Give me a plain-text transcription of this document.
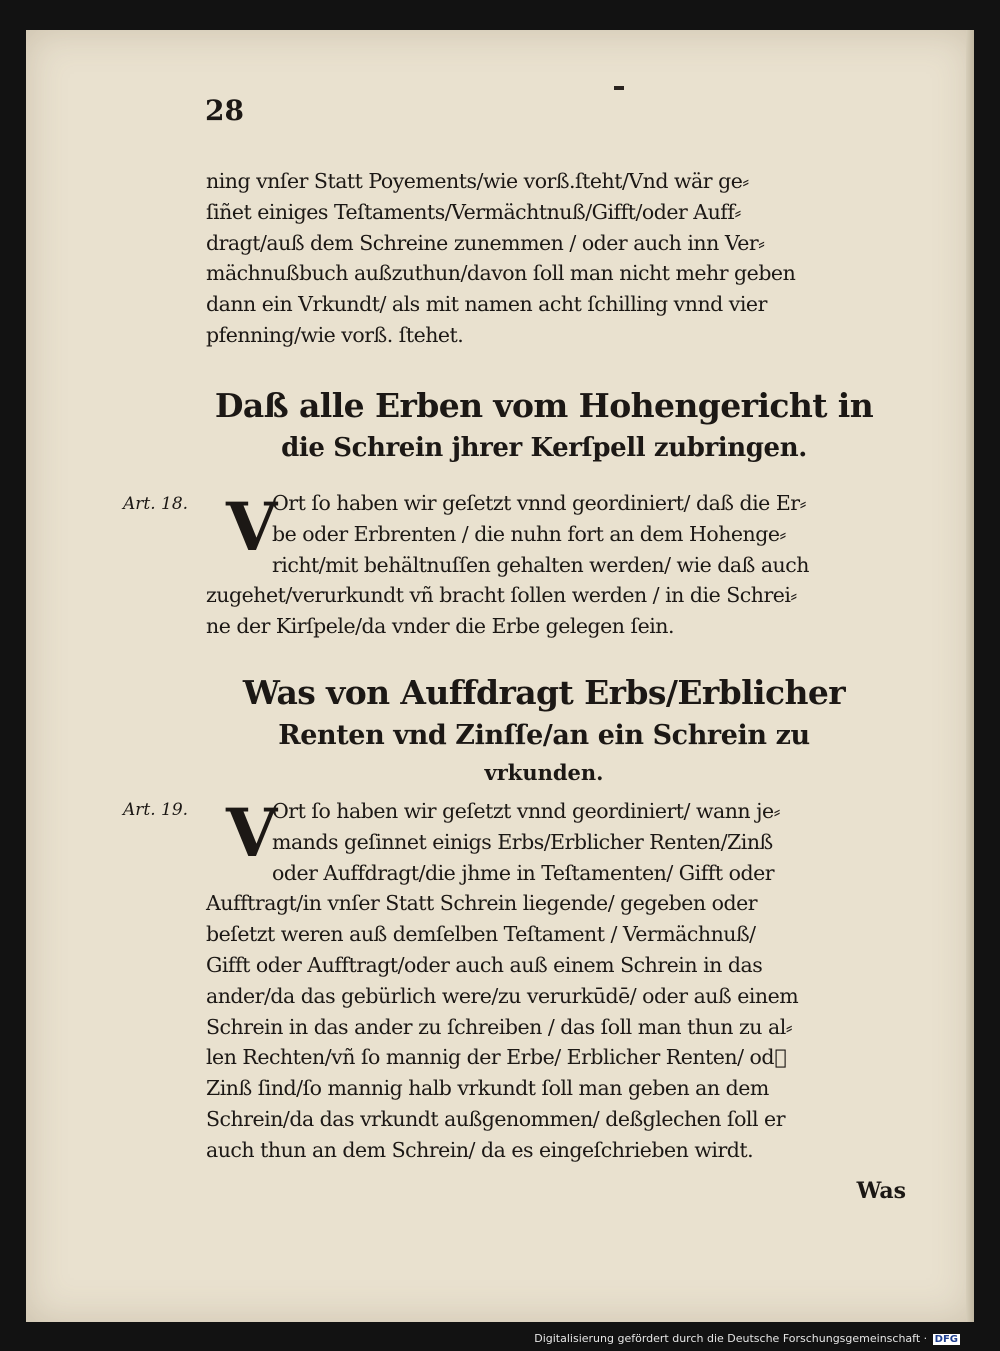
28
ning vnſer Statt Poyements/wie vorß.ſteht/Vnd wär ge⸗
ſiñet einiges Teſtaments/Vermächtnuß/Gifft/oder Auff⸗
dragt/auß dem Schreine zunemmen / oder auch inn Ver⸗
mächnußbuch außzuthun/davon ſoll man nicht mehr geben
dann ein Vrkundt/ als mit namen acht ſchilling vnnd vier
pfenning/wie vorß. ſtehet.
Daß alle Erben vom Hohengericht in
die Schrein jhrer Kerſpell zubringen.
Art. 18. V
Ort ſo haben wir geſetzt vnnd geordiniert/ daß die Er⸗
be oder Erbrenten / die nuhn fort an dem Hohenge⸗
richt/mit behältnuſſen gehalten werden/ wie daß auch
zugehet/verurkundt vñ bracht ſollen werden / in die Schrei⸗
ne der Kirſpele/da vnder die Erbe gelegen ſein.
Was von Auffdragt Erbs/Erblicher
Renten vnd Zinſſe/an ein Schrein zu
vrkunden.
Art. 19. V
Ort ſo haben wir geſetzt vnnd geordiniert/ wann je⸗
mands geſinnet einigs Erbs/Erblicher Renten/Zinß
oder Auffdragt/die jhme in Teſtamenten/ Gifft oder
Aufftragt/in vnſer Statt Schrein liegende/ gegeben oder
beſetzt weren auß demſelben Teſtament / Vermächnuß/
Gifft oder Aufftragt/oder auch auß einem Schrein in das
ander/da das gebürlich were/zu verurkūdē/ oder auß einem
Schrein in das ander zu ſchreiben / das ſoll man thun zu al⸗
len Rechten/vñ ſo mannig der Erbe/ Erblicher Renten/ od᷑
Zinß ſind/ſo mannig halb vrkundt ſoll man geben an dem
Schrein/da das vrkundt außgenommen/ deßglechen ſoll er
auch thun an dem Schrein/ da es eingeſchrieben wirdt.
Was
Digitalisierung gefördert durch die Deutsche Forschungsgemeinschaft · DFG
